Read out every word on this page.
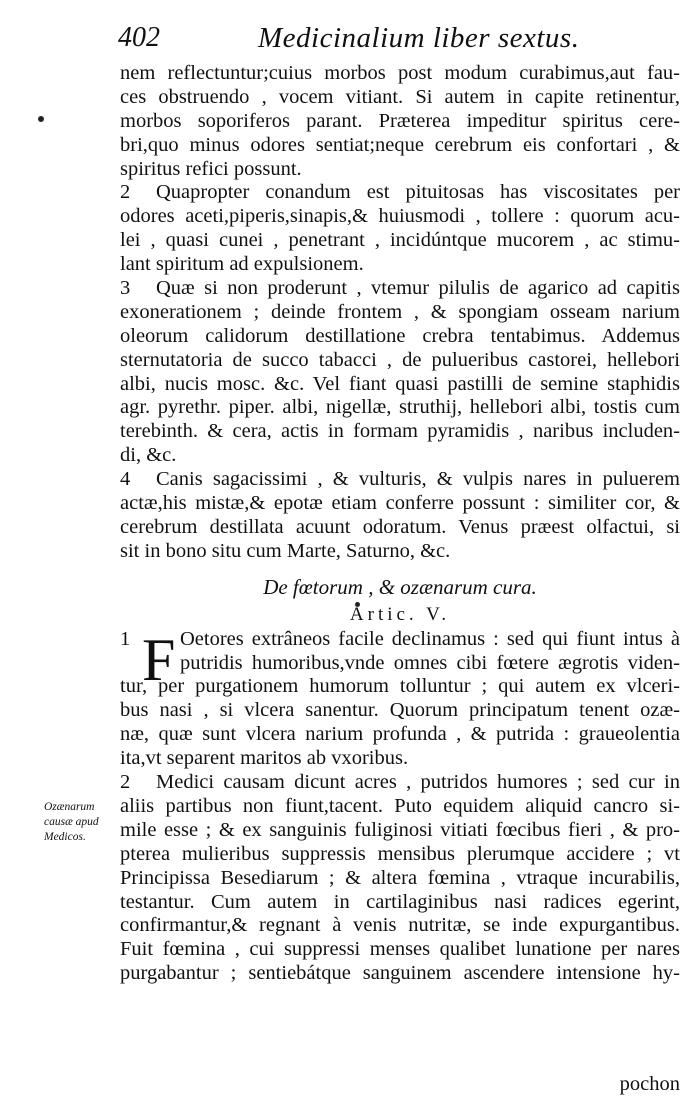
402	Medicinalium liber sextus.
nem reflectuntur;cuius morbos post modum curabimus,aut fau-
ces obstruendo , vocem vitiant. Si autem in capite retinentur,
morbos soporiferos parant. Præterea impeditur spiritus cere-
bri,quo minus odores sentiat;neque cerebrum eis confortari , &
spiritus refici possunt.
2 Quapropter conandum est pituitosas has viscositates per
odores aceti,piperis,sinapis,& huiusmodi , tollere : quorum acu-
lei , quasi cunei , penetrant , incidúntque mucorem , ac stimu-
lant spiritum ad expulsionem.
3 Quæ si non proderunt , vtemur pilulis de agarico ad capitis
exonerationem ; deinde frontem , & spongiam osseam narium
oleorum calidorum destillatione crebra tentabimus. Addemus
sternutatoria de succo tabacci , de pulueribus castorei, hellebori
albi, nucis mosc. &c. Vel fiant quasi pastilli de semine staphidis
agr. pyrethr. piper. albi, nigellæ, struthij, hellebori albi, tostis cum
terebinth. & cera, actis in formam pyramidis , naribus includen-
di, &c.
4 Canis sagacissimi , & vulturis, & vulpis nares in puluerem
actæ,his mistæ,& epotæ etiam conferre possunt : similiter cor, &
cerebrum destillata acuunt odoratum. Venus præest olfactui, si
sit in bono situ cum Marte, Saturno, &c.
De fœtorum , & ozænarum cura.
Artic. V.
Oetores extrâneos facile declinamus : sed qui fiunt intus à
1 F putridis humoribus,vnde omnes cibi fœtere ægrotis viden-
tur, per purgationem humorum tolluntur ; qui autem ex vlceri-
bus nasi , si vlcera sanentur. Quorum principatum tenent ozæ-
næ, quæ sunt vlcera narium profunda , & putrida : graueolentia
ita,vt separent maritos ab vxoribus.
2 Medici causam dicunt acres , putridos humores ; sed cur in
aliis partibus non fiunt,tacent. Puto equidem aliquid cancro si-
mile esse ; & ex sanguinis fuliginosi vitiati fœcibus fieri , & pro-
pterea mulieribus suppressis mensibus plerumque accidere ; vt
Principissa Besediarum ; & altera fœmina , vtraque incurabilis,
testantur. Cum autem in cartilaginibus nasi radices egerint,
confirmantur,& regnant à venis nutritæ, se inde expurgantibus.
Fuit fœmina , cui suppressi menses qualibet lunatione per nares
purgabantur ; sentiebátque sanguinem ascendere intensione hy-
Ozænarum
causæ apud
Medicos.
pochon
